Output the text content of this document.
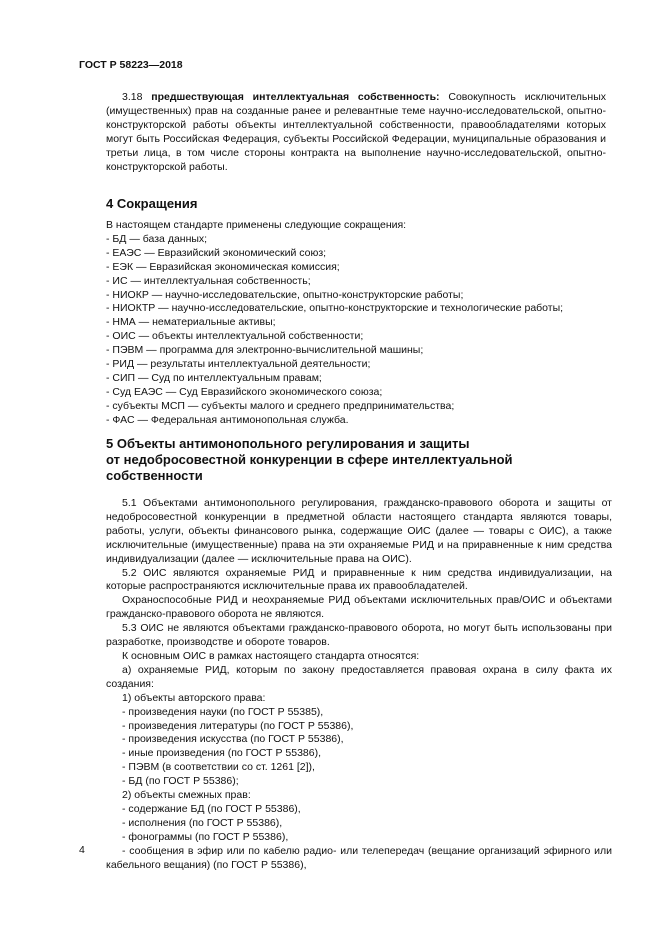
ГОСТ Р 58223—2018

3.18 предшествующая интеллектуальная собственность: Совокупность исключительных (имущественных) прав на созданные ранее и релевантные теме научно-исследовательской, опытно-конструкторской работы объекты интеллектуальной собственности, правообладателями которых могут быть Российская Федерация, субъекты Российской Федерации, муниципальные образования и третьи лица, в том числе стороны контракта на выполнение научно-исследовательской, опытно-конструкторской работы.

4 Сокращения
В настоящем стандарте применены следующие сокращения:
- БД — база данных;
- ЕАЭС — Евразийский экономический союз;
- ЕЭК — Евразийская экономическая комиссия;
- ИС — интеллектуальная собственность;
- НИОКР — научно-исследовательские, опытно-конструкторские работы;
- НИОКТР — научно-исследовательские, опытно-конструкторские и технологические работы;
- НМА — нематериальные активы;
- ОИС — объекты интеллектуальной собственности;
- ПЭВМ — программа для электронно-вычислительной машины;
- РИД — результаты интеллектуальной деятельности;
- СИП — Суд по интеллектуальным правам;
- Суд ЕАЭС — Суд Евразийского экономического союза;
- субъекты МСП — субъекты малого и среднего предпринимательства;
- ФАС — Федеральная антимонопольная служба.
5 Объекты антимонопольного регулирования и защиты
от недобросовестной конкуренции в сфере интеллектуальной
собственности

5.1 Объектами антимонопольного регулирования, гражданско-правового оборота и защиты от недобросовестной конкуренции в предметной области настоящего стандарта являются товары, работы, услуги, объекты финансового рынка, содержащие ОИС (далее — товары с ОИС), а также исключительные (имущественные) права на эти охраняемые РИД и на приравненные к ним средства индивидуализации (далее — исключительные права на ОИС).

5.2 ОИС являются охраняемые РИД и приравненные к ним средства индивидуализации, на которые распространяются исключительные права их правообладателей.

Охраноспособные РИД и неохраняемые РИД объектами исключительных прав/ОИС и объектами гражданско-правового оборота не являются.

5.3 ОИС не являются объектами гражданско-правового оборота, но могут быть использованы при разработке, производстве и обороте товаров.

К основным ОИС в рамках настоящего стандарта относятся:

а) охраняемые РИД, которым по закону предоставляется правовая охрана в силу факта их создания:

1) объекты авторского права:

- произведения науки (по ГОСТ Р 55385),

- произведения литературы (по ГОСТ Р 55386),

- произведения искусства (по ГОСТ Р 55386),

- иные произведения (по ГОСТ Р 55386),

- ПЭВМ (в соответствии со ст. 1261 [2]),

- БД (по ГОСТ Р 55386);

2) объекты смежных прав:

- содержание БД (по ГОСТ Р 55386),

- исполнения (по ГОСТ Р 55386),

- фонограммы (по ГОСТ Р 55386),

- сообщения в эфир или по кабелю радио- или телепередач (вещание организаций эфирного или кабельного вещания) (по ГОСТ Р 55386),

4
